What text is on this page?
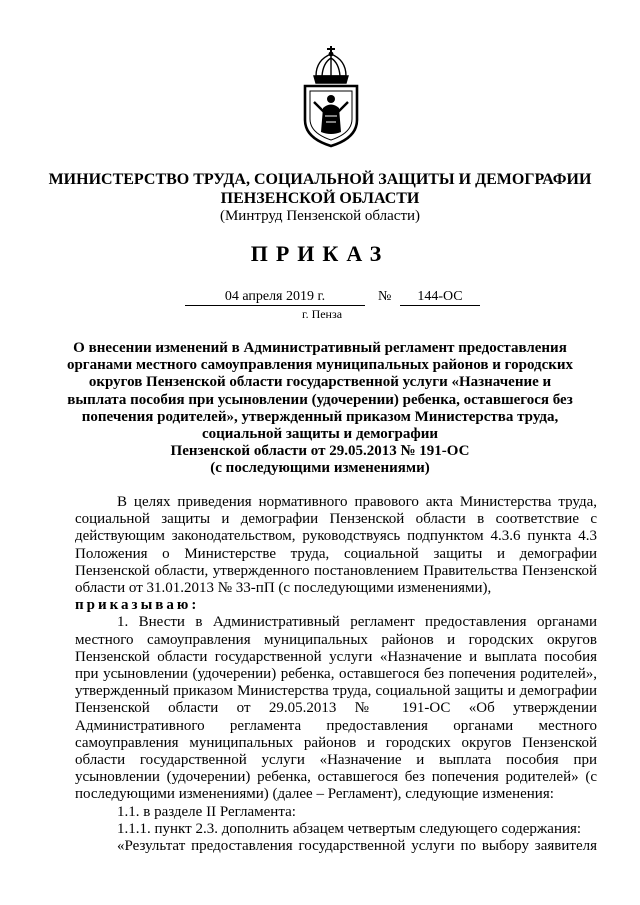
МИНИСТЕРСТВО ТРУДА, СОЦИАЛЬНОЙ ЗАЩИТЫ И ДЕМОГРАФИИ
ПЕНЗЕНСКОЙ ОБЛАСТИ
(Минтруд Пензенской области)
ПРИКАЗ
04 апреля 2019 г.	№	144-ОС
г. Пенза
О внесении изменений в Административный регламент предоставления
органами местного самоуправления муниципальных районов и городских
округов Пензенской области государственной услуги «Назначение и
выплата пособия при усыновлении (удочерении) ребенка, оставшегося без
попечения родителей», утвержденный приказом Министерства труда,
социальной защиты и демографии
Пензенской области от 29.05.2013 № 191-ОС
(с последующими изменениями)

В целях приведения нормативного правового акта Министерства труда, социальной защиты и демографии Пензенской области в соответствие с действующим законодательством, руководствуясь подпунктом 4.3.6 пункта 4.3 Положения о Министерстве труда, социальной защиты и демографии Пензенской области, утвержденного постановлением Правительства Пензенской области от 31.01.2013 № 33-пП (с последующими изменениями),

приказываю:

1. Внести в Административный регламент предоставления органами местного самоуправления муниципальных районов и городских округов Пензенской области государственной услуги «Назначение и выплата пособия при усыновлении (удочерении) ребенка, оставшегося без попечения родителей», утвержденный приказом Министерства труда, социальной защиты и демографии Пензенской области от 29.05.2013 № 191-ОС «Об утверждении Административного регламента предоставления органами местного самоуправления муниципальных районов и городских округов Пензенской области государственной услуги «Назначение и выплата пособия при усыновлении (удочерении) ребенка, оставшегося без попечения родителей» (с последующими изменениями) (далее – Регламент), следующие изменения:

1.1. в разделе II Регламента:

1.1.1. пункт 2.3. дополнить абзацем четвертым следующего содержания:

«Результат предоставления государственной услуги по выбору заявителя
